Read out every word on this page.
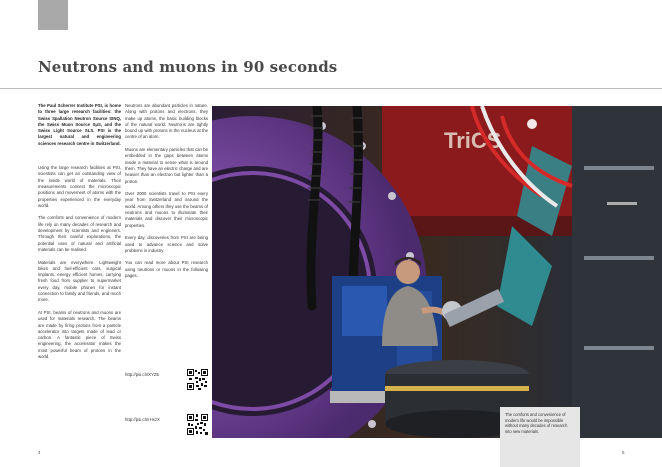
Neutrons and muons in 90 seconds

The Paul Scherrer Institute PSI, is home to three large research facilities: the Swiss Spallation Neutron Source SINQ, the Swiss Muon Source SμS, and the Swiss Light Source SLS. PSI is the largest natural and engineering sciences research centre in Switzerland.

Using the large research facilities at PSI, scientists can get an outstanding view of the inside world of materials. Their measurements connect the microscopic positions and movement of atoms with the properties experienced in the everyday world.

The comforts and convenience of modern life rely on many decades of research and development by scientists and engineers. Through their careful explorations, the potential uses of natural and artificial materials can be realised.

Materials are everywhere. Lightweight bikes and fuel-efficient cars, surgical implants, energy efficient homes, carrying fresh food from supplier to supermarket every day, mobile phones for instant connection to family and friends, and much more.

At PSI, beams of neutrons and muons are used for materials research. The beams are made by firing protons from a particle accelerator into targets made of lead or carbon. A fantastic piece of Swiss engineering, the accelerator makes the most powerful beam of protons in the world.

Neutrons are abundant particles in nature. Along with protons and electrons, they make up atoms, the basic building blocks of the natural world. Neutrons are tightly bound up with protons in the nucleus at the centre of an atom.

Muons are elementary particles that can be embedded in the gaps between atoms inside a material to sense what is around them. They have an electric charge and are heavier than an electron but lighter than a proton.

Over 2000 scientists travel to PSI every year from Switzerland and around the world. Among others they use the beams of neutrons and muons to illuminate their materials and discover their microscopic properties.

Every day, discoveries from PSI are being used to advance science and solve problems in industry.

You can read more about PSI research using neutrons or muons in the following pages.

http://psi.ch/XYZ5
http://psi.ch/rHxzX
TriCS
The comforts and convenience of modern life would be impossible without many decades of research into new materials.
4	5
